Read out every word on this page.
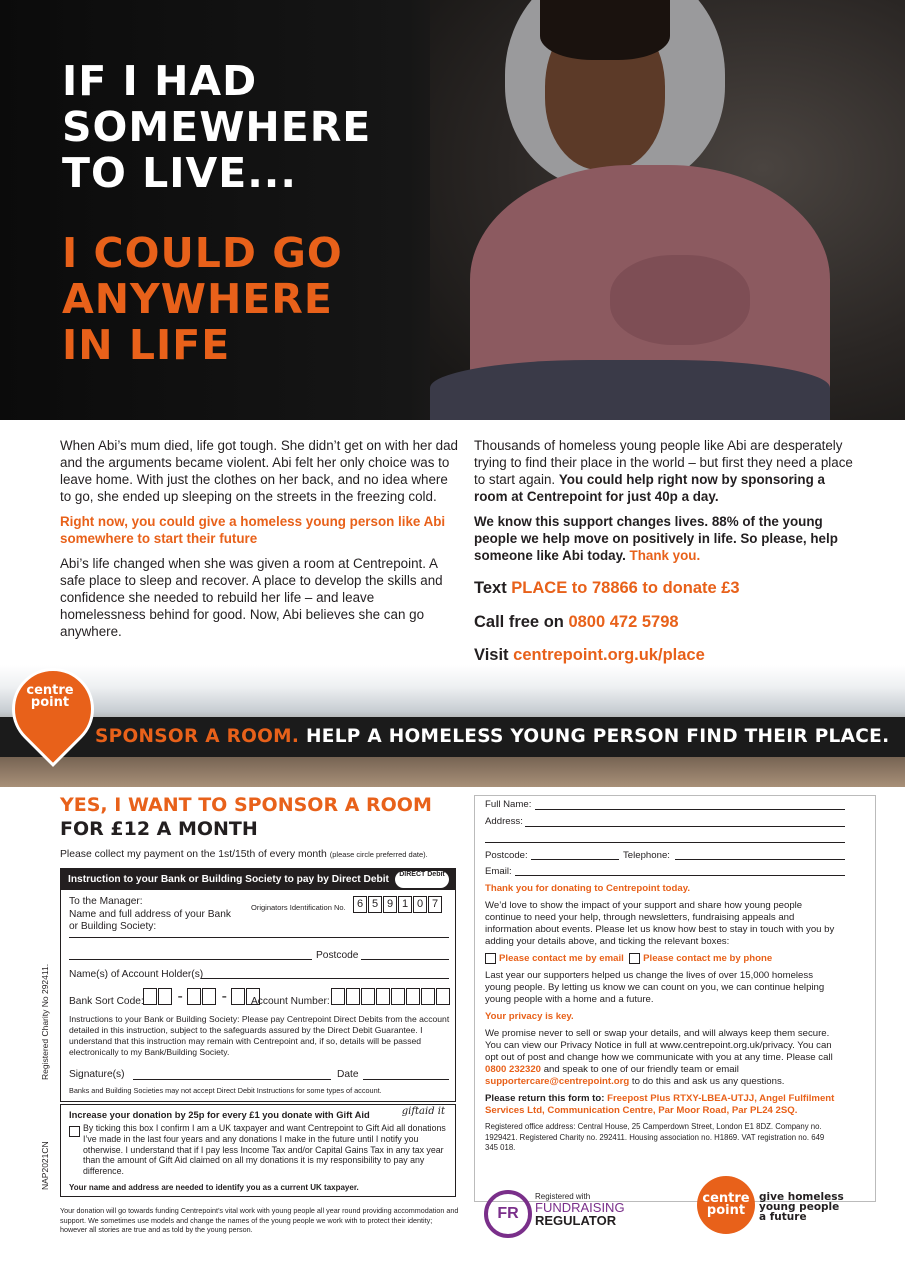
IF I HAD
SOMEWHERE
TO LIVE...
I COULD GO
ANYWHERE
IN LIFE

When Abi’s mum died, life got tough. She didn’t get on with her dad and the arguments became violent. Abi felt her only choice was to leave home. With just the clothes on her back, and no idea where to go, she ended up sleeping on the streets in the freezing cold.

Right now, you could give a homeless young person like Abi somewhere to start their future

Abi’s life changed when she was given a room at Centrepoint. A safe place to sleep and recover. A place to develop the skills and confidence she needed to rebuild her life – and leave homelessness behind for good. Now, Abi believes she can go anywhere.

Thousands of homeless young people like Abi are desperately trying to find their place in the world – but first they need a place to start again. You could help right now by sponsoring a room at Centrepoint for just 40p a day.

We know this support changes lives. 88% of the young people we help move on positively in life. So please, help someone like Abi today. Thank you.

Text PLACE to 78866 to donate £3

Call free on 0800 472 5798

Visit centrepoint.org.uk/place

centre point
SPONSOR A ROOM. HELP A HOMELESS YOUNG PERSON FIND THEIR PLACE.
YES, I WANT TO SPONSOR A ROOM
FOR £12 A MONTH
Please collect my payment on the 1st/15th of every month (please circle preferred date).
Instruction to your Bank or Building Society to pay by Direct Debit	DIRECT Debit
To the Manager:
Name and full address of your Bank or Building Society:
Originators Identification No.	6 5 9 1 0 7
Postcode
Name(s) of Account Holder(s)
Bank Sort Code:	-  -	Account Number:
Instructions to your Bank or Building Society: Please pay Centrepoint Direct Debits from the account detailed in this instruction, subject to the safeguards assured by the Direct Debit Guarantee. I understand that this instruction may remain with Centrepoint and, if so, details will be passed electronically to my Bank/Building Society.
Signature(s)	Date
Banks and Building Societies may not accept Direct Debit Instructions for some types of account.
Increase your donation by 25p for every £1 you donate with Gift Aid	giftaid it
By ticking this box I confirm I am a UK taxpayer and want Centrepoint to Gift Aid all donations I’ve made in the last four years and any donations I make in the future until I notify you otherwise. I understand that if I pay less Income Tax and/or Capital Gains Tax in any tax year than the amount of Gift Aid claimed on all my donations it is my responsibility to pay any difference.
Your name and address are needed to identify you as a current UK taxpayer.
Your donation will go towards funding Centrepoint’s vital work with young people all year round providing accommodation and support. We sometimes use models and change the names of the young people we work with to protect their identity; however all stories are true and as told by the young person.
Registered Charity No 292411.
NAP2021CN
Full Name:
Address:
Postcode:	Telephone:
Email:

Thank you for donating to Centrepoint today.

We’d love to show the impact of your support and share how young people continue to need your help, through newsletters, fundraising appeals and information about events. Please let us know how best to stay in touch with you by adding your details above, and ticking the relevant boxes:

Please contact me by email Please contact me by phone

Last year our supporters helped us change the lives of over 15,000 homeless young people. By letting us know we can count on you, we can continue helping young people with a home and a future.

Your privacy is key.

We promise never to sell or swap your details, and will always keep them secure. You can view our Privacy Notice in full at www.centrepoint.org.uk/privacy. You can opt out of post and change how we communicate with you at any time. Please call 0800 232320 and speak to one of our friendly team or email supportercare@centrepoint.org to do this and ask us any questions.

Please return this form to: Freepost Plus RTXY-LBEA-UTJJ, Angel Fulfilment Services Ltd, Communication Centre, Par Moor Road, Par PL24 2SQ.

Registered office address: Central House, 25 Camperdown Street, London E1 8DZ. Company no. 1929421. Registered Charity no. 292411. Housing association no. H1869. VAT registration no. 649 345 018.

FR
Registered with
FUNDRAISING
REGULATOR
centre point
give homeless
young people
a future
